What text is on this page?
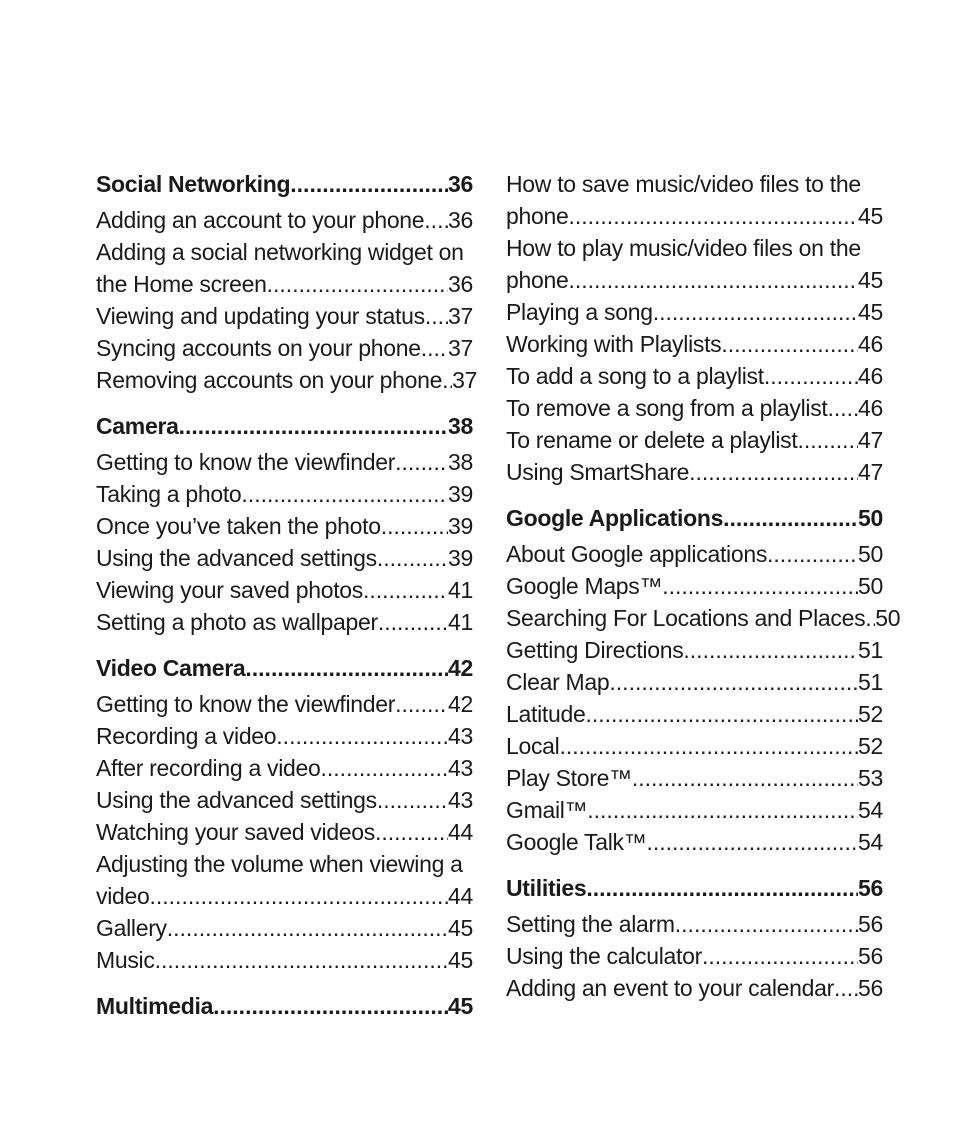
Social Networking .....	36
Adding an account to your phone ..... 36
Adding a social networking widget on
the Home screen .....	36
Viewing and updating your status ..... 37
Syncing accounts on your phone ..... 37
Removing accounts on your phone ..... 37
Camera .....	38
Getting to know the viewfinder ..... 38
Taking a photo .....	39
Once you’ve taken the photo .....	39
Using the advanced settings .....	39
Viewing your saved photos .....	41
Setting a photo as wallpaper .....	41
Video Camera .....	42
Getting to know the viewfinder ..... 42
Recording a video .....	43
After recording a video .....	43
Using the advanced settings .....	43
Watching your saved videos .....	44
Adjusting the volume when viewing a
video .....	44
Gallery .....	45
Music .....	45
Multimedia .....	45
How to save music/video files to the
phone .....	45
How to play music/video files on the
phone .....	45
Playing a song .....	45
Working with Playlists .....	46
To add a song to a playlist .....	46
To remove a song from a playlist ..... 46
To rename or delete a playlist .....	47
Using SmartShare .....	47
Google Applications .....	50
About Google applications .....	50
Google Maps™ .....	50
Searching For Locations and Places ..... 50
Getting Directions .....	51
Clear Map .....	51
Latitude .....	52
Local .....	52
Play Store™ .....	53
Gmail™ .....	54
Google Talk™ .....	54
Utilities .....	56
Setting the alarm .....	56
Using the calculator .....	56
Adding an event to your calendar ..... 56
